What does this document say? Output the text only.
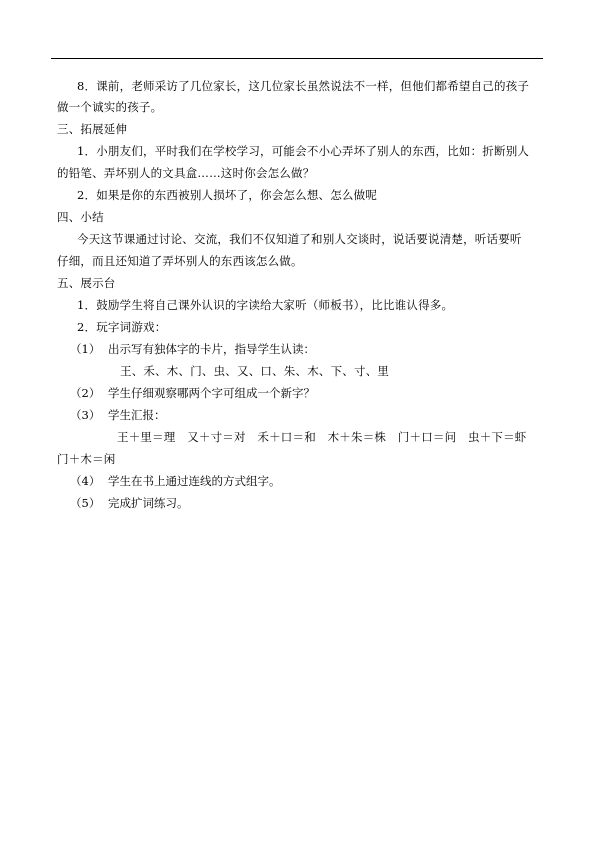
8．课前，老师采访了几位家长，这几位家长虽然说法不一样，但他们都希望自己的孩子
做一个诚实的孩子。
三、拓展延伸
1．小朋友们，平时我们在学校学习，可能会不小心弄坏了别人的东西，比如：折断别人
的铅笔、弄坏别人的文具盒……这时你会怎么做？
2．如果是你的东西被别人损坏了，你会怎么想、怎么做呢
四、小结
今天这节课通过讨论、交流，我们不仅知道了和别人交谈时，说话要说清楚，听话要听
仔细，而且还知道了弄坏别人的东西该怎么做。
五、展示台
1．鼓励学生将自己课外认识的字读给大家听（师板书），比比谁认得多。
2．玩字词游戏：
（1） 出示写有独体字的卡片，指导学生认读：
王、禾、木、门、虫、又、口、朱、木、下、寸、里
（2） 学生仔细观察哪两个字可组成一个新字？
（3） 学生汇报：
王＋里＝理　又＋寸＝对　禾＋口＝和　木＋朱＝株　门＋口＝问　虫＋下＝虾
门＋木＝闲
（4） 学生在书上通过连线的方式组字。
（5） 完成扩词练习。
